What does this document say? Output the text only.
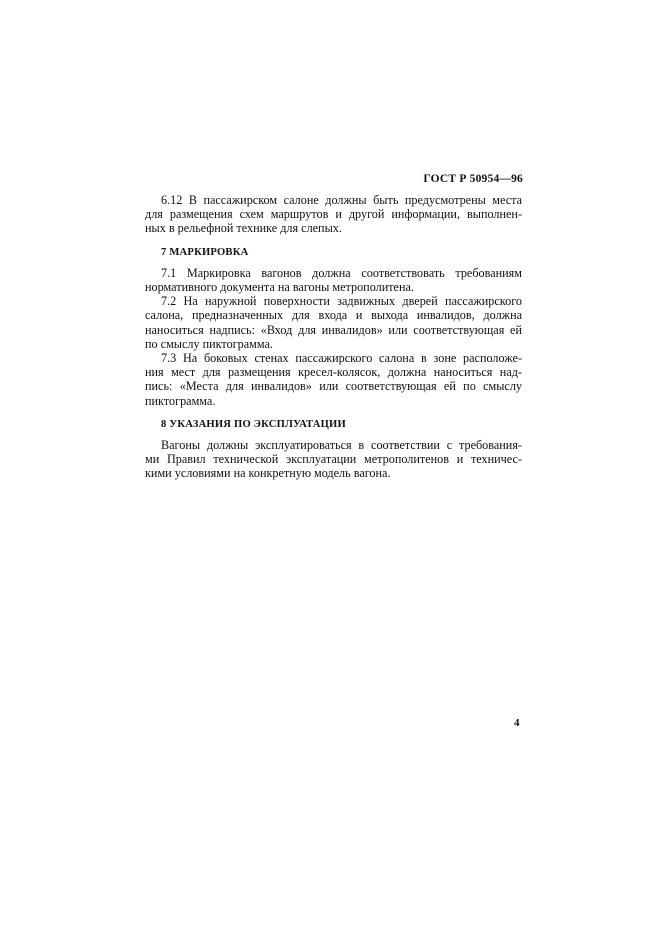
ГОСТ Р 50954—96
6.12 В пассажирском салоне должны быть предусмотрены места
для размещения схем маршрутов и другой информации, выполнен-
ных в рельефной технике для слепых.
7 МАРКИРОВКА
7.1 Маркировка вагонов должна соответствовать требованиям
нормативного документа на вагоны метрополитена.
7.2 На наружной поверхности задвижных дверей пассажирского
салона, предназначенных для входа и выхода инвалидов, должна
наноситься надпись: «Вход для инвалидов» или соответствующая ей
по смыслу пиктограмма.
7.3 На боковых стенах пассажирского салона в зоне расположе-
ния мест для размещения кресел-колясок, должна наноситься над-
пись: «Места для инвалидов» или соответствующая ей по смыслу
пиктограмма.
8 УКАЗАНИЯ ПО ЭКСПЛУАТАЦИИ
Вагоны должны эксплуатироваться в соответствии с требования-
ми Правил технической эксплуатации метрополитенов и техничес-
кими условиями на конкретную модель вагона.
4
